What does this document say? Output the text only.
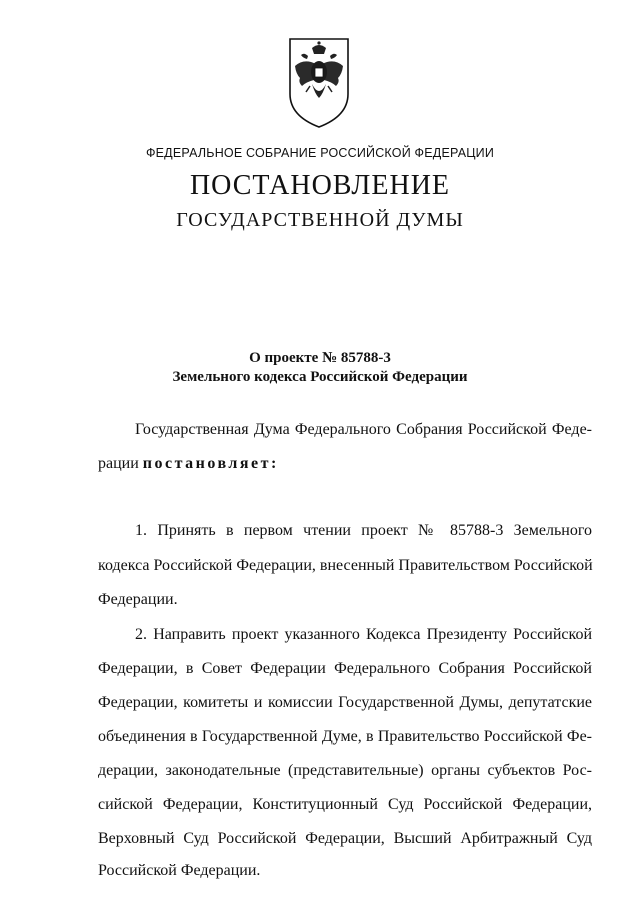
ФЕДЕРАЛЬНОЕ СОБРАНИЕ РОССИЙСКОЙ ФЕДЕРАЦИИ
ПОСТАНОВЛЕНИЕ
ГОСУДАРСТВЕННОЙ ДУМЫ
О проекте № 85788-3
Земельного кодекса Российской Федерации
Государственная Дума Федерального Собрания Российской Феде-
рации постановляет:
1. Принять в первом чтении проект № 85788-3 Земельного
кодекса Российской Федерации, внесенный Правительством Российской
Федерации.
2. Направить проект указанного Кодекса Президенту Российской
Федерации, в Совет Федерации Федерального Собрания Российской
Федерации, комитеты и комиссии Государственной Думы, депутатские
объединения в Государственной Думе, в Правительство Российской Фе-
дерации, законодательные (представительные) органы субъектов Рос-
сийской Федерации, Конституционный Суд Российской Федерации,
Верховный Суд Российской Федерации, Высший Арбитражный Суд
Российской Федерации.
